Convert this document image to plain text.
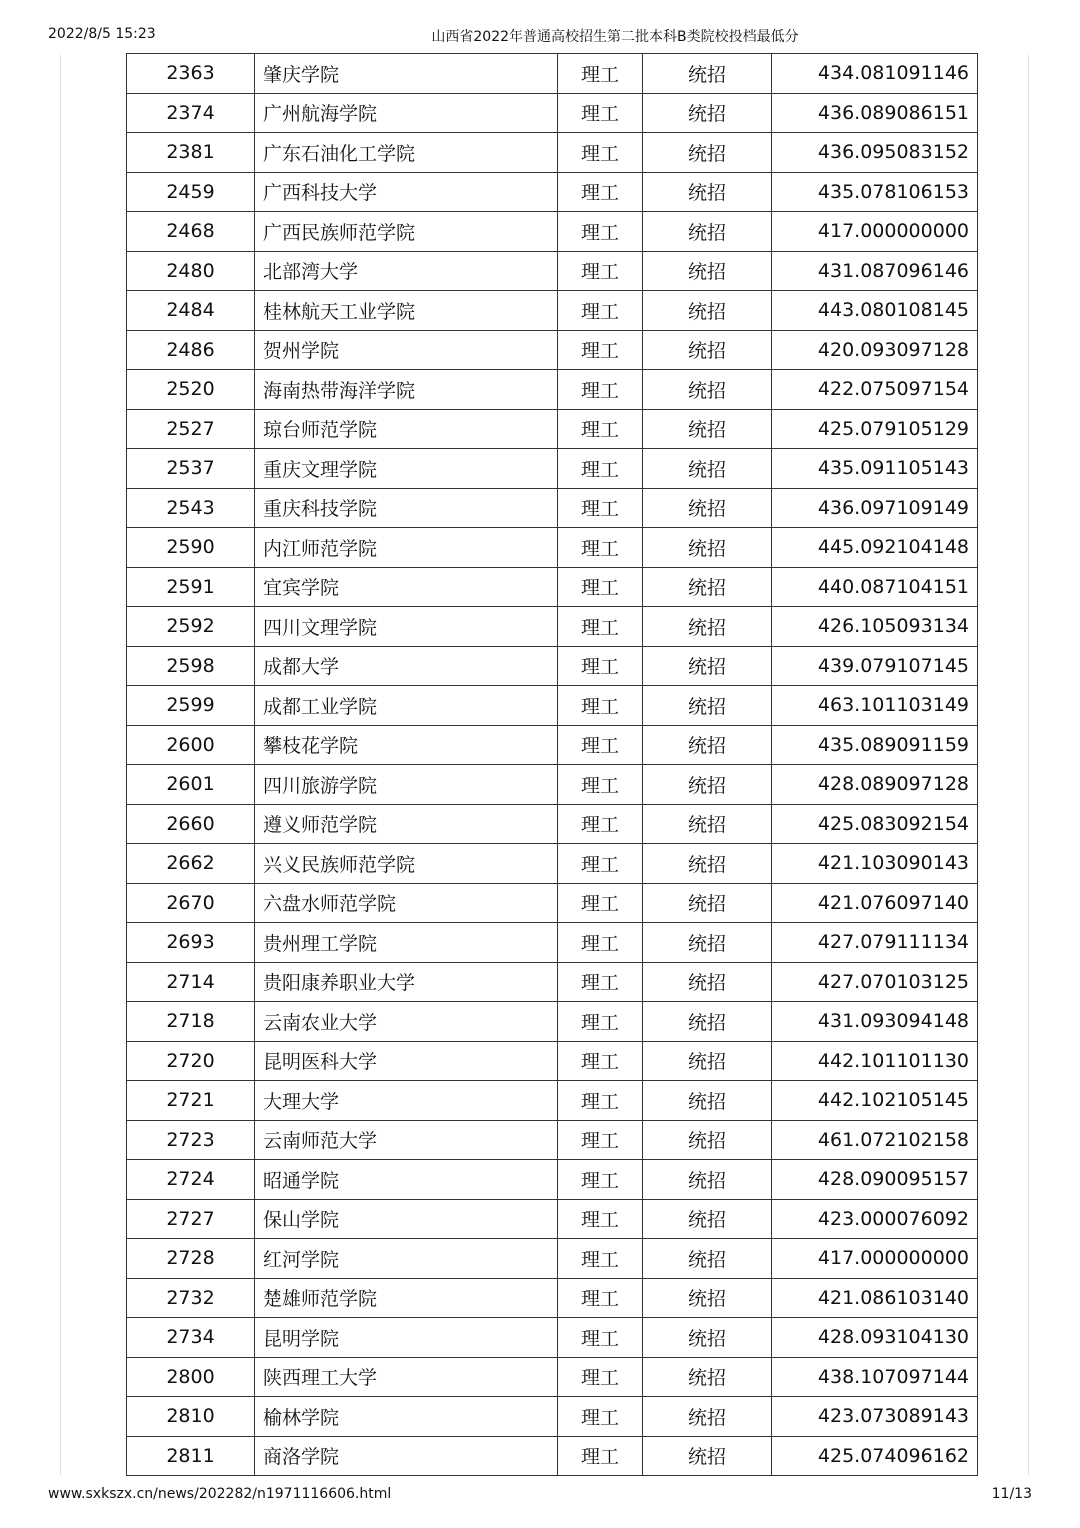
2022/8/5 15:23	山西省2022年普通高校招生第二批本科B类院校投档最低分
2363	肇庆学院	理工	统招	434.081091146
2374	广州航海学院	理工	统招	436.089086151
2381	广东石油化工学院	理工	统招	436.095083152
2459	广西科技大学	理工	统招	435.078106153
2468	广西民族师范学院	理工	统招	417.000000000
2480	北部湾大学	理工	统招	431.087096146
2484	桂林航天工业学院	理工	统招	443.080108145
2486	贺州学院	理工	统招	420.093097128
2520	海南热带海洋学院	理工	统招	422.075097154
2527	琼台师范学院	理工	统招	425.079105129
2537	重庆文理学院	理工	统招	435.091105143
2543	重庆科技学院	理工	统招	436.097109149
2590	内江师范学院	理工	统招	445.092104148
2591	宜宾学院	理工	统招	440.087104151
2592	四川文理学院	理工	统招	426.105093134
2598	成都大学	理工	统招	439.079107145
2599	成都工业学院	理工	统招	463.101103149
2600	攀枝花学院	理工	统招	435.089091159
2601	四川旅游学院	理工	统招	428.089097128
2660	遵义师范学院	理工	统招	425.083092154
2662	兴义民族师范学院	理工	统招	421.103090143
2670	六盘水师范学院	理工	统招	421.076097140
2693	贵州理工学院	理工	统招	427.079111134
2714	贵阳康养职业大学	理工	统招	427.070103125
2718	云南农业大学	理工	统招	431.093094148
2720	昆明医科大学	理工	统招	442.101101130
2721	大理大学	理工	统招	442.102105145
2723	云南师范大学	理工	统招	461.072102158
2724	昭通学院	理工	统招	428.090095157
2727	保山学院	理工	统招	423.000076092
2728	红河学院	理工	统招	417.000000000
2732	楚雄师范学院	理工	统招	421.086103140
2734	昆明学院	理工	统招	428.093104130
2800	陕西理工大学	理工	统招	438.107097144
2810	榆林学院	理工	统招	423.073089143
2811	商洛学院	理工	统招	425.074096162
www.sxkszx.cn/news/202282/n1971116606.html	11/13
